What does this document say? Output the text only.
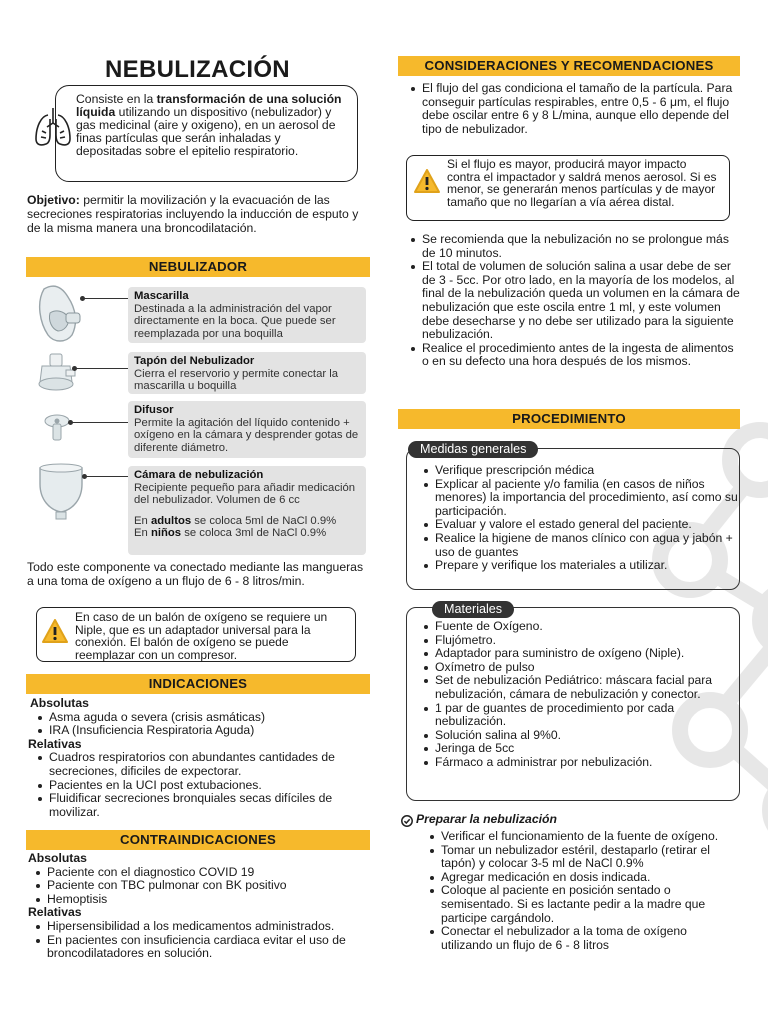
NEBULIZACIÓN
Consiste en la transformación de una solución líquida utilizando un dispositivo (nebulizador) y gas medicinal (aire y oxigeno), en un aerosol de finas partículas que serán inhaladas y depositadas sobre el epitelio respiratorio.
Objetivo: permitir la movilización y la evacuación de las secreciones respiratorias incluyendo la inducción de esputo y de la misma manera una broncodilatación.
NEBULIZADOR
Mascarilla
Destinada a la administración del vapor directamente en la boca. Que puede ser reemplazada por una boquilla
Tapón del Nebulizador
Cierra el reservorio y permite conectar la mascarilla u boquilla
Difusor
Permite la agitación del líquido contenido + oxígeno en la cámara y desprender gotas de diferente diámetro.
Cámara de nebulización
Recipiente pequeño para añadir medicación del nebulizador. Volumen de 6 cc
En adultos se coloca 5ml de NaCl 0.9%
En niños se coloca 3ml de NaCl 0.9%
Todo este componente va conectado mediante las mangueras a una toma de oxígeno a un flujo de 6 - 8 litros/min.
En caso de un balón de oxígeno se requiere un Niple, que es un adaptador universal para la conexión. El balón de oxígeno se puede reemplazar con un compresor.
INDICACIONES
Absolutas
Asma aguda o severa (crisis asmáticas)
IRA (Insuficiencia Respiratoria Aguda)
Relativas
Cuadros respiratorios con abundantes cantidades de secreciones, dificiles de expectorar.
Pacientes en la UCI post extubaciones.
Fluidificar secreciones bronquiales secas difíciles de movilizar.
CONTRAINDICACIONES
Absolutas
Paciente con el diagnostico COVID 19
Paciente con TBC pulmonar con BK positivo
Hemoptisis
Relativas
Hipersensibilidad a los medicamentos administrados.
En pacientes con insuficiencia cardiaca evitar el uso de broncodilatadores en solución.
CONSIDERACIONES Y RECOMENDACIONES
El flujo del gas condiciona el tamaño de la partícula. Para conseguir partículas respirables, entre 0,5 - 6 μm, el flujo debe oscilar entre 6 y 8 L/mina, aunque ello depende del tipo de nebulizador.
Si el flujo es mayor, producirá mayor impacto contra el impactador y saldrá menos aerosol. Si es menor, se generarán menos partículas y de mayor tamaño que no llegarían a vía aérea distal.
Se recomienda que la nebulización no se prolongue más de 10 minutos.
El total de volumen de solución salina a usar debe de ser de 3 - 5cc. Por otro lado, en la mayoría de los modelos, al final de la nebulización queda un volumen en la cámara de nebulización que este oscila entre 1 ml, y este volumen debe desecharse y no debe ser utilizado para la siguiente nebulización.
Realice el procedimiento antes de la ingesta de alimentos o en su defecto una hora después de los mismos.
PROCEDIMIENTO
Medidas generales
Verifique prescripción médica
Explicar al paciente y/o familia (en casos de niños menores) la importancia del procedimiento, así como su participación.
Evaluar y valore el estado general del paciente.
Realice la higiene de manos clínico con agua y jabón + uso de guantes
Prepare y verifique los materiales a utilizar.
Materiales
Fuente de Oxígeno.
Flujómetro.
Adaptador para suministro de oxígeno (Niple).
Oxímetro de pulso
Set de nebulización Pediátrico: máscara facial para nebulización, cámara de nebulización y conector.
1 par de guantes de procedimiento por cada nebulización.
Solución salina al 9%0.
Jeringa de 5cc
Fármaco a administrar por nebulización.
Preparar la nebulización
Verificar el funcionamiento de la fuente de oxígeno.
Tomar un nebulizador estéril, destaparlo (retirar el tapón) y colocar 3-5 ml de NaCl 0.9%
Agregar medicación en dosis indicada.
Coloque al paciente en posición sentado o semisentado. Si es lactante pedir a la madre que participe cargándolo.
Conectar el nebulizador a la toma de oxígeno utilizando un flujo de 6 - 8 litros
